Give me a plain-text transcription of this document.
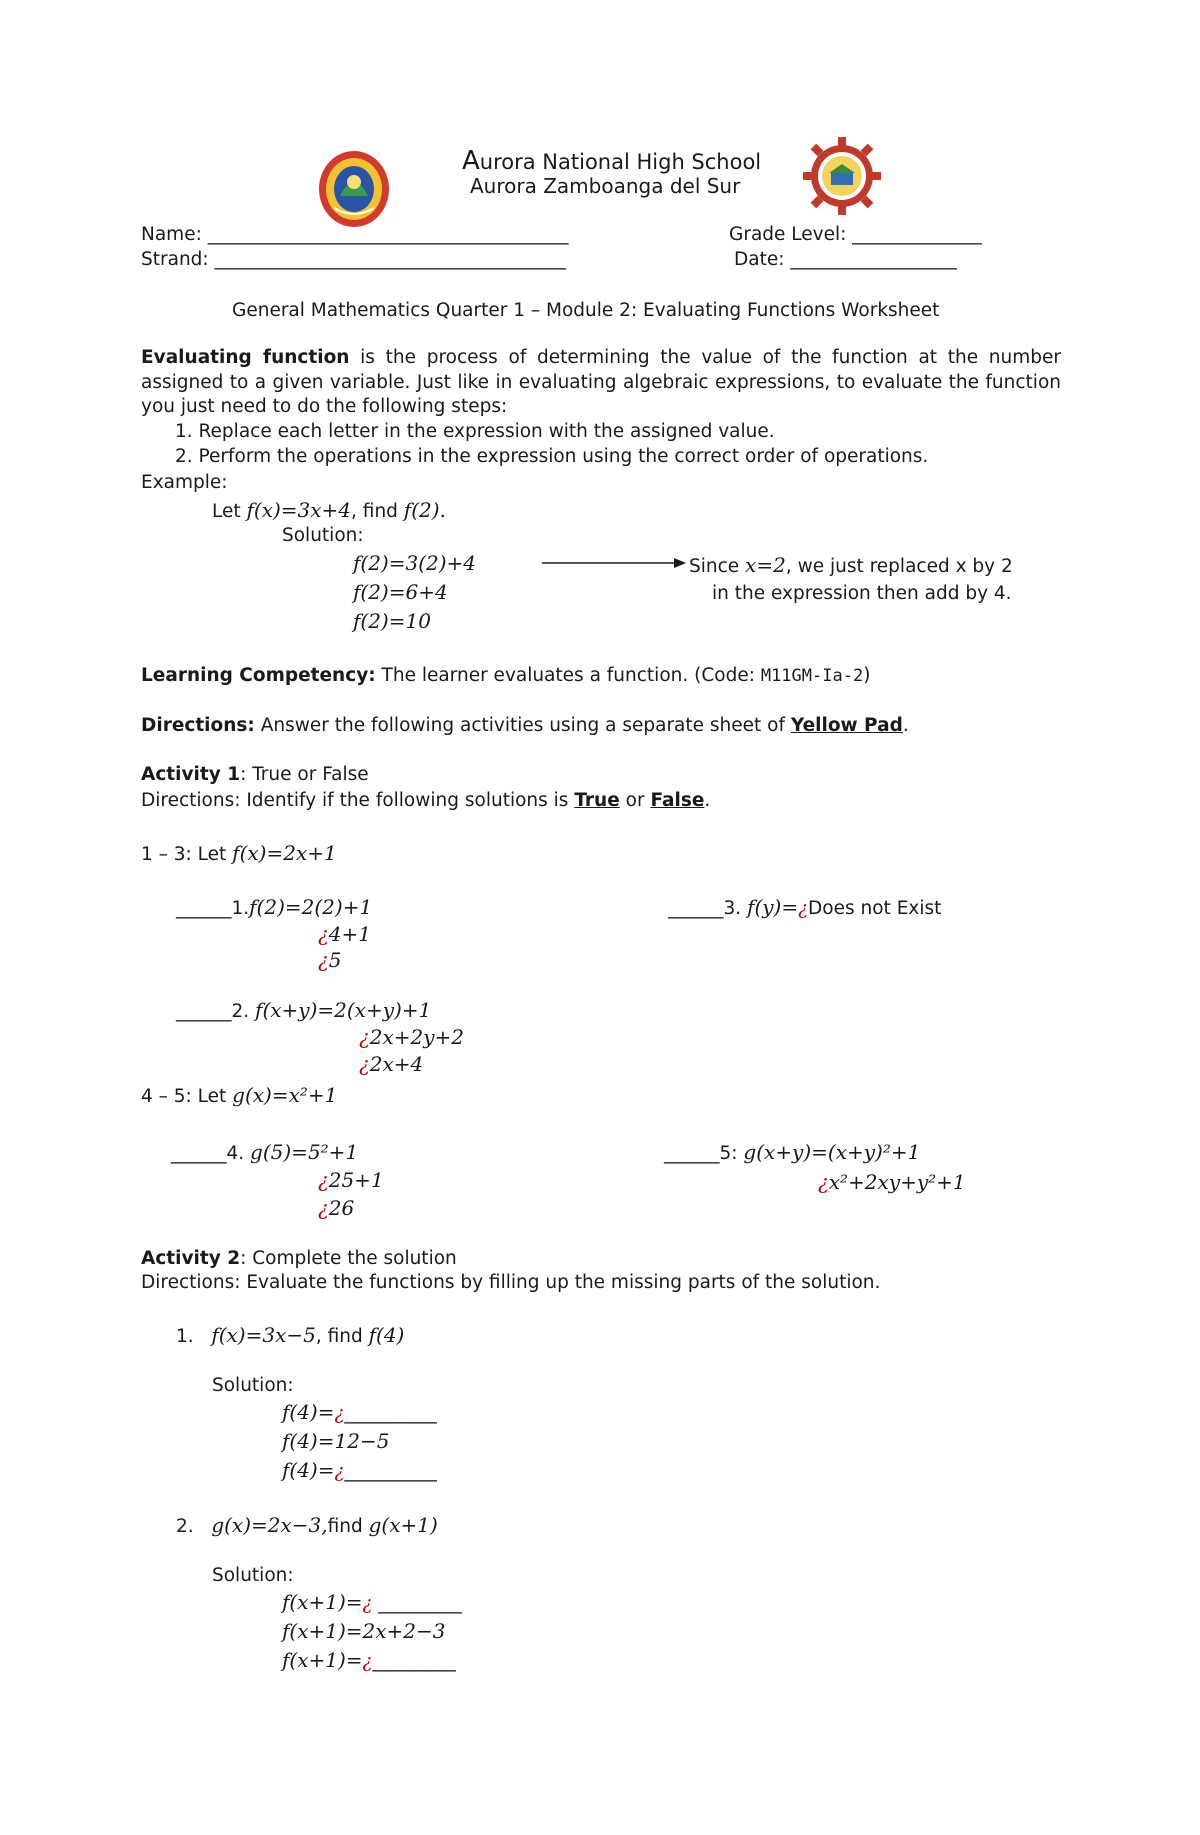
Aurora National High School
Aurora Zamboanga del Sur
Name: _______________________________________	Grade Level: ______________
Strand: ______________________________________	Date: __________________
General Mathematics Quarter 1 – Module 2: Evaluating Functions Worksheet
Evaluating function is the process of determining the value of the function at the number assigned to a given variable. Just like in evaluating algebraic expressions, to evaluate the function you just need to do the following steps:
1. Replace each letter in the expression with the assigned value.
2. Perform the operations in the expression using the correct order of operations.
Example:
Let f(x)=3x+4, find f(2).
Solution:
f(2)=3(2)+4
f(2)=6+4
f(2)=10
Since x=2, we just replaced x by 2
in the expression then add by 4.
Learning Competency: The learner evaluates a function. (Code: M11GM-Ia-2)
Directions: Answer the following activities using a separate sheet of Yellow Pad.
Activity 1: True or False
Directions: Identify if the following solutions is True or False.
1 – 3: Let f(x)=2x+1
______1.f(2)=2(2)+1
¿4+1
¿5
______3. f(y)=¿Does not Exist
______2. f(x+y)=2(x+y)+1
¿2x+2y+2
¿2x+4
4 – 5: Let g(x)=x²+1
______4. g(5)=5²+1
¿25+1
¿26
______5: g(x+y)=(x+y)²+1
¿x²+2xy+y²+1
Activity 2: Complete the solution
Directions: Evaluate the functions by filling up the missing parts of the solution.
1. f(x)=3x−5, find f(4)
Solution:
f(4)=¿__________
f(4)=12−5
f(4)=¿__________
2. g(x)=2x−3,find g(x+1)
Solution:
f(x+1)=¿ _________
f(x+1)=2x+2−3
f(x+1)=¿_________
